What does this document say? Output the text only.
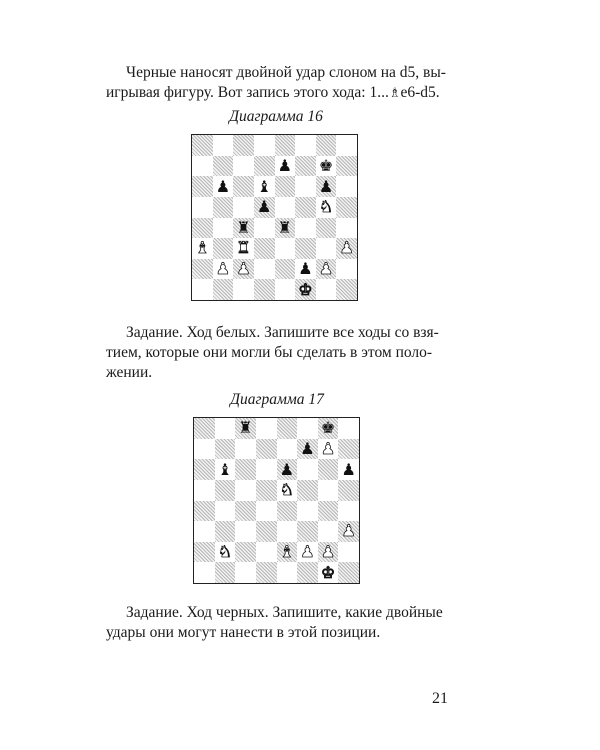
Черные наносят двойной удар слоном на d5, вы-
игрывая фигуру. Вот запись этого хода: 1...♗e6-d5.

Диаграмма 16
♟ ♚
♟ ♝	♟
♟	♞
♜ ♜
♝ ♜	♟
♟ ♟	♟ ♟
♚

Задание. Ход белых. Запишите все ходы со взя-
тием, которые они могли бы сделать в этом поло-
жении.

Диаграмма 17
♜	♚
♟ ♟
♝	♟	♟
♞
♟
♞	♝ ♟ ♟
♚

Задание. Ход черных. Запишите, какие двойные
удары они могут нанести в этой позиции.

21
